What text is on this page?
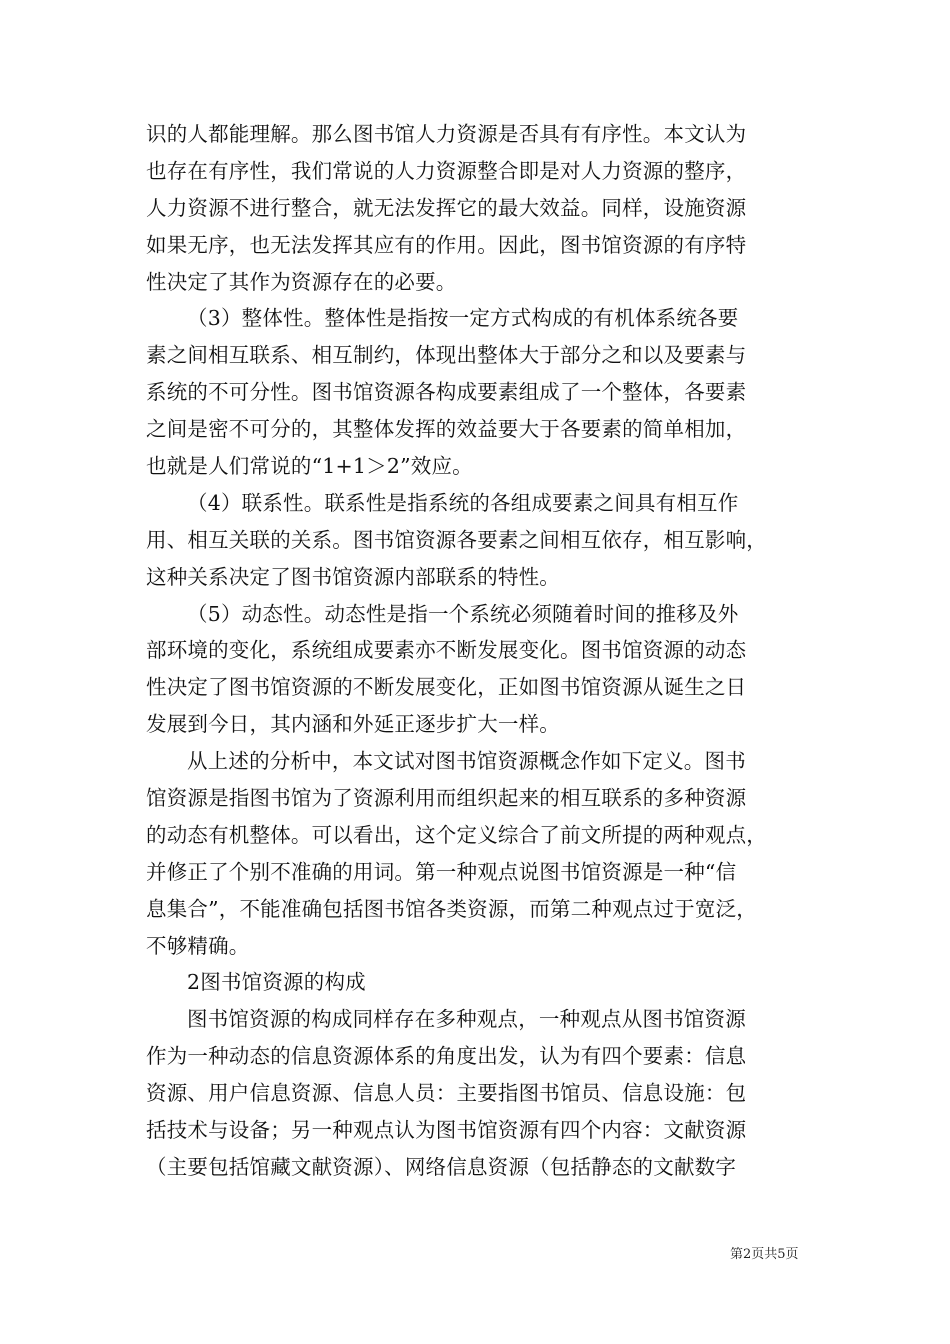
识的人都能理解。那么图书馆人力资源是否具有有序性。本文认为
也存在有序性，我们常说的人力资源整合即是对人力资源的整序，
人力资源不进行整合，就无法发挥它的最大效益。同样，设施资源
如果无序，也无法发挥其应有的作用。因此，图书馆资源的有序特
性决定了其作为资源存在的必要。
（3）整体性。整体性是指按一定方式构成的有机体系统各要
素之间相互联系、相互制约，体现出整体大于部分之和以及要素与
系统的不可分性。图书馆资源各构成要素组成了一个整体，各要素
之间是密不可分的，其整体发挥的效益要大于各要素的简单相加，
也就是人们常说的“1+1＞2”效应。
（4）联系性。联系性是指系统的各组成要素之间具有相互作
用、相互关联的关系。图书馆资源各要素之间相互依存，相互影响，
这种关系决定了图书馆资源内部联系的特性。
（5）动态性。动态性是指一个系统必须随着时间的推移及外
部环境的变化，系统组成要素亦不断发展变化。图书馆资源的动态
性决定了图书馆资源的不断发展变化，正如图书馆资源从诞生之日
发展到今日，其内涵和外延正逐步扩大一样。
从上述的分析中，本文试对图书馆资源概念作如下定义。图书
馆资源是指图书馆为了资源利用而组织起来的相互联系的多种资源
的动态有机整体。可以看出，这个定义综合了前文所提的两种观点，
并修正了个别不准确的用词。第一种观点说图书馆资源是一种“信
息集合”，不能准确包括图书馆各类资源，而第二种观点过于宽泛，
不够精确。
2图书馆资源的构成
图书馆资源的构成同样存在多种观点，一种观点从图书馆资源
作为一种动态的信息资源体系的角度出发，认为有四个要素：信息
资源、用户信息资源、信息人员：主要指图书馆员、信息设施：包
括技术与设备；另一种观点认为图书馆资源有四个内容：文献资源
（主要包括馆藏文献资源）、网络信息资源（包括静态的文献数字
第2页共5页
